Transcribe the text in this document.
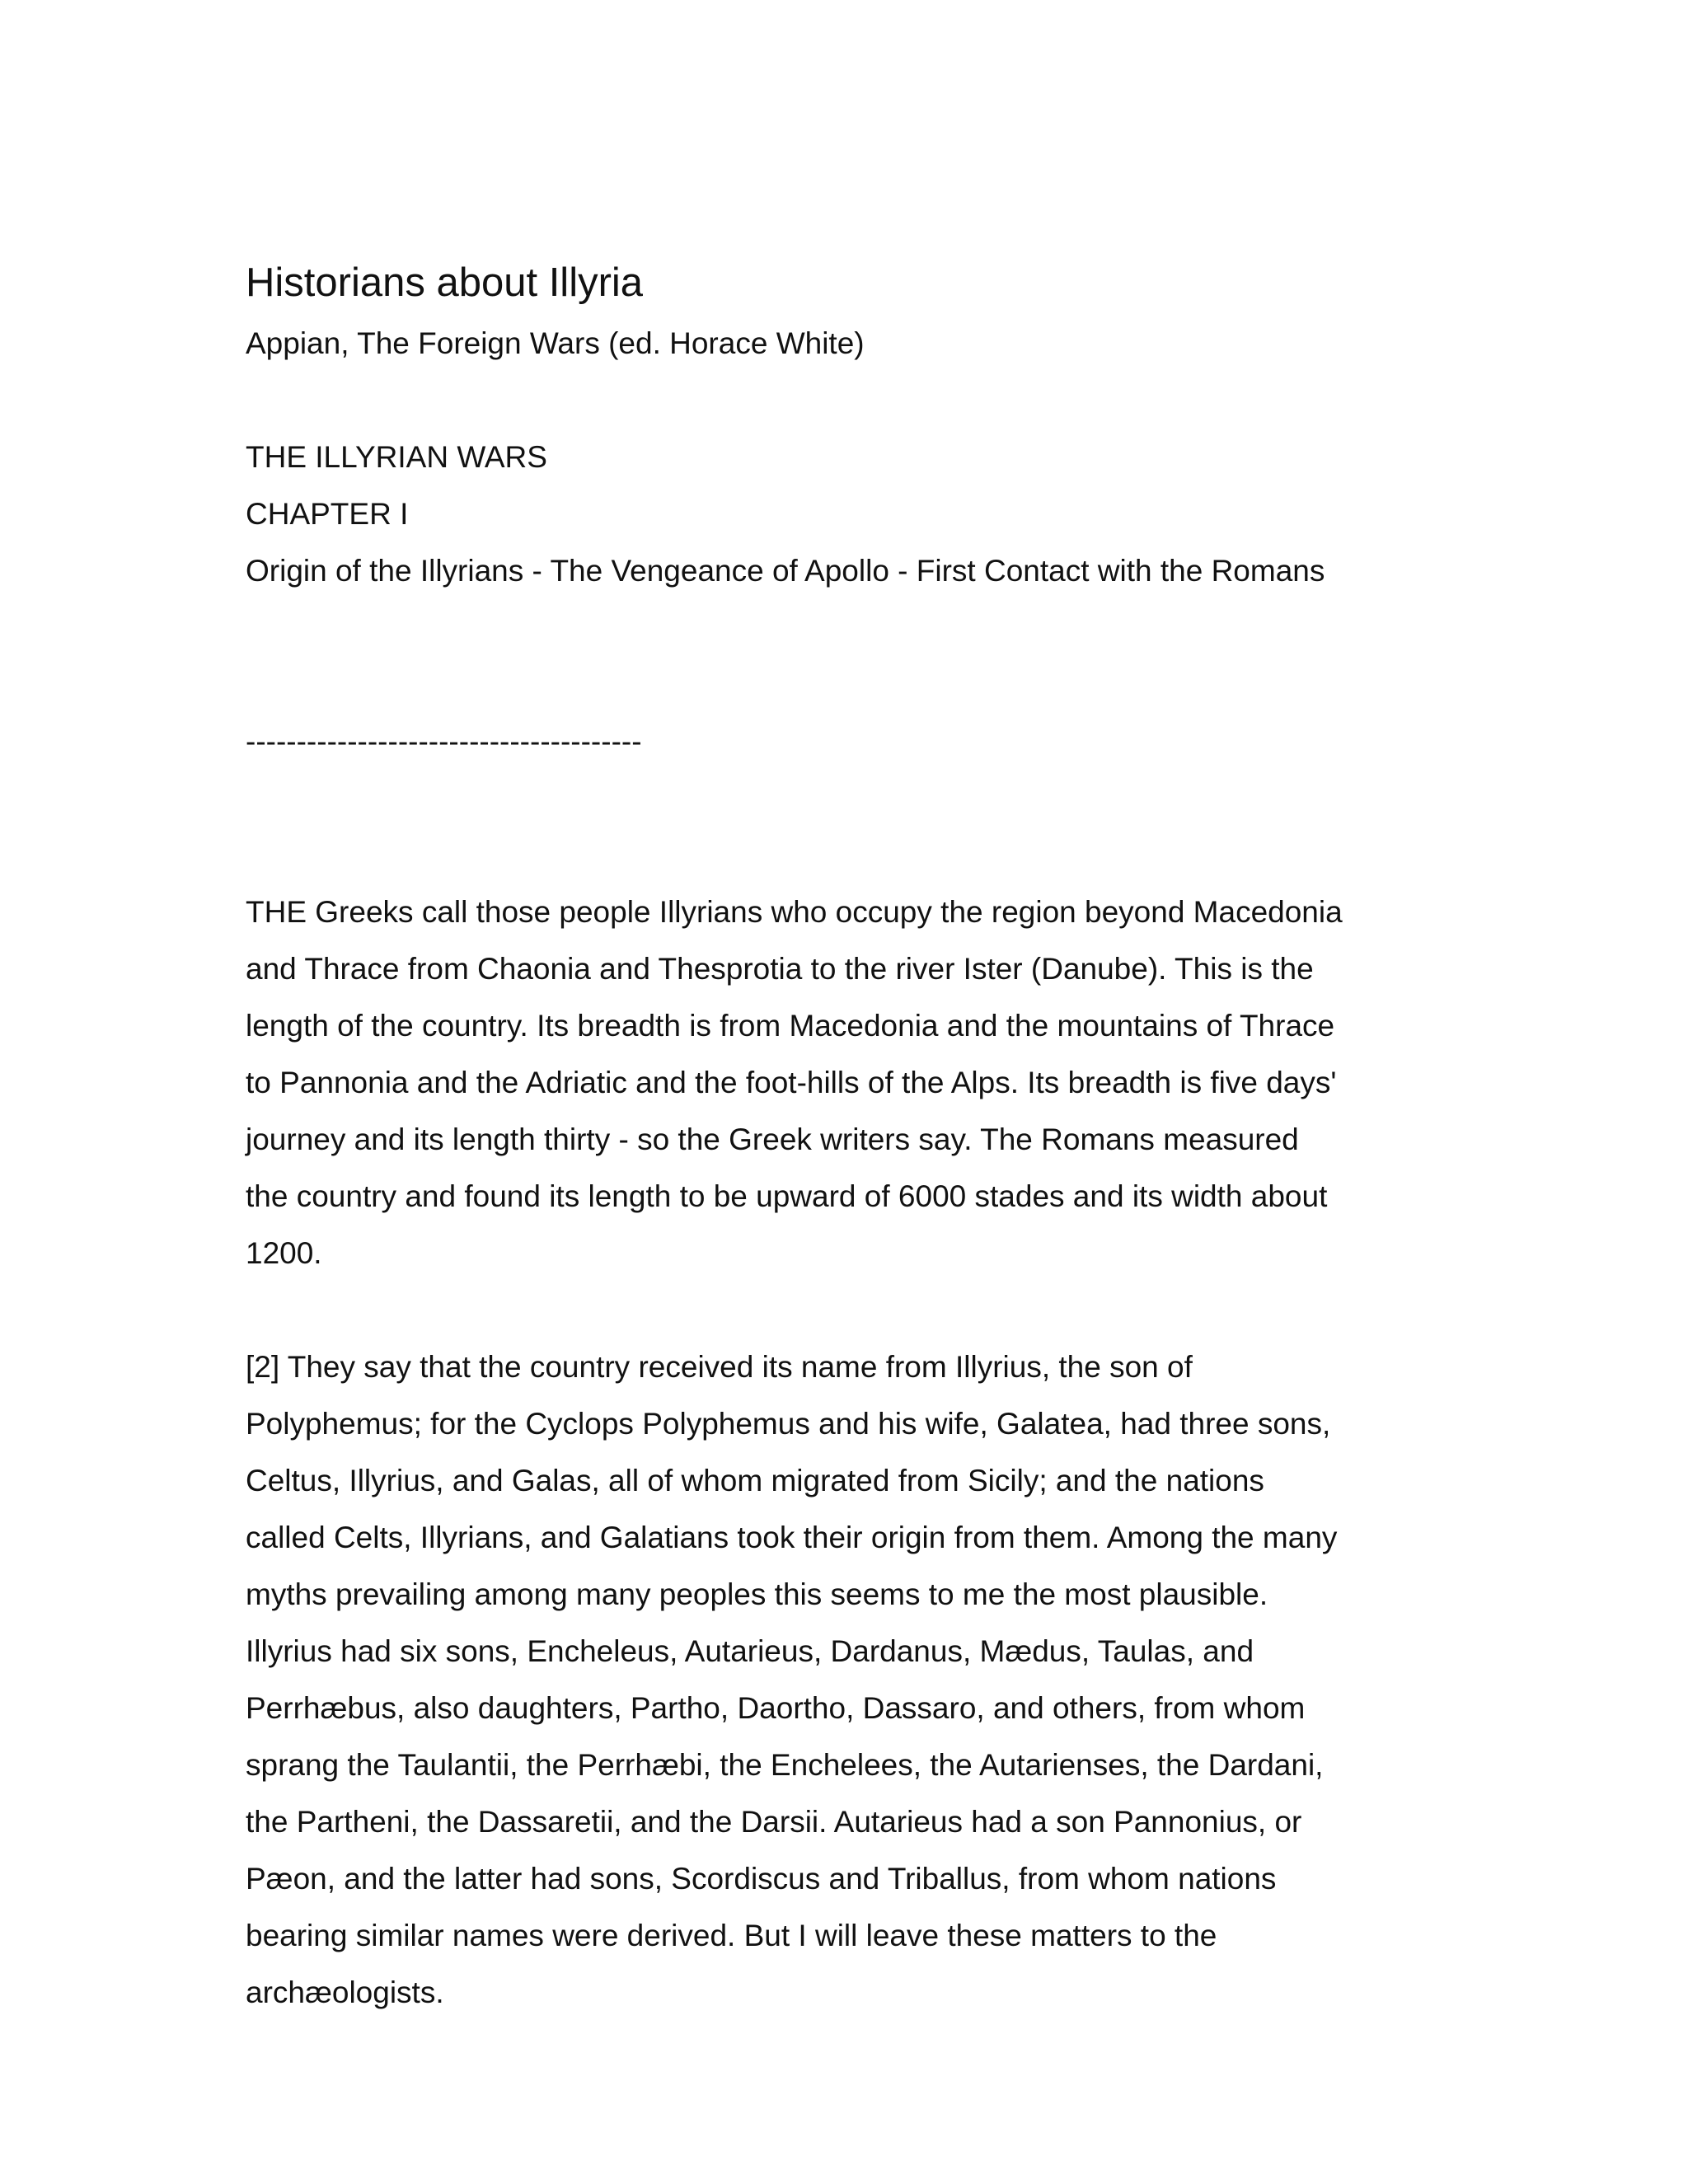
Historians about Illyria

Appian, The Foreign Wars (ed. Horace White)

THE ILLYRIAN WARS

CHAPTER I

Origin of the Illyrians - The Vengeance of Apollo - First Contact with the Romans

---------------------------------------

THE Greeks call those people Illyrians who occupy the region beyond Macedonia
and Thrace from Chaonia and Thesprotia to the river Ister (Danube). This is the
length of the country. Its breadth is from Macedonia and the mountains of Thrace
to Pannonia and the Adriatic and the foot-hills of the Alps. Its breadth is five days'
journey and its length thirty - so the Greek writers say. The Romans measured
the country and found its length to be upward of 6000 stades and its width about
1200.

[2] They say that the country received its name from Illyrius, the son of
Polyphemus; for the Cyclops Polyphemus and his wife, Galatea, had three sons,
Celtus, Illyrius, and Galas, all of whom migrated from Sicily; and the nations
called Celts, Illyrians, and Galatians took their origin from them. Among the many
myths prevailing among many peoples this seems to me the most plausible.
Illyrius had six sons, Encheleus, Autarieus, Dardanus, Mædus, Taulas, and
Perrhæbus, also daughters, Partho, Daortho, Dassaro, and others, from whom
sprang the Taulantii, the Perrhæbi, the Enchelees, the Autarienses, the Dardani,
the Partheni, the Dassaretii, and the Darsii. Autarieus had a son Pannonius, or
Pæon, and the latter had sons, Scordiscus and Triballus, from whom nations
bearing similar names were derived. But I will leave these matters to the
archæologists.
